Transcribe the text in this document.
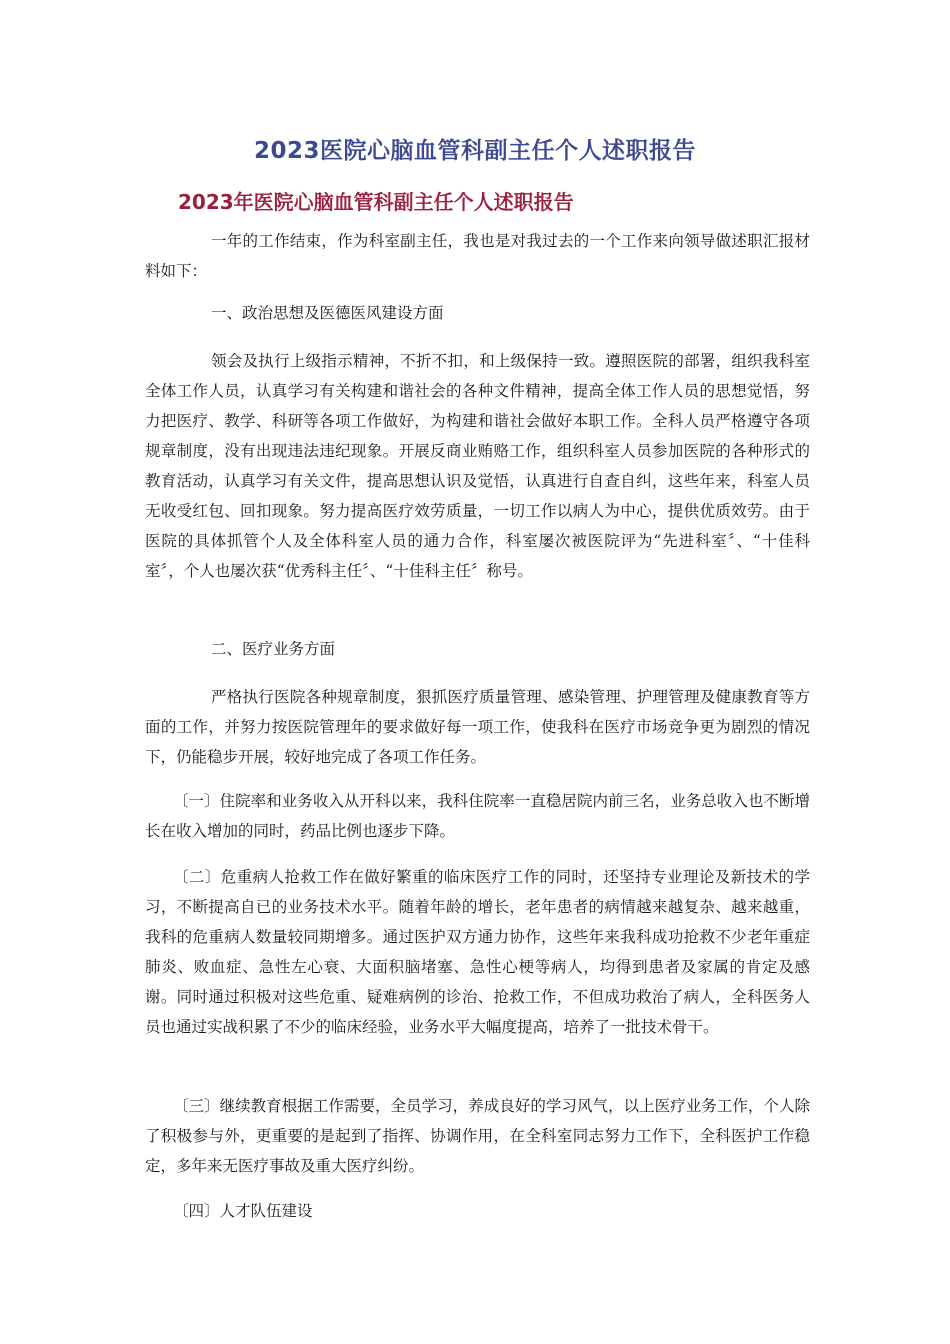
2023医院心脑血管科副主任个人述职报告
2023年医院心脑血管科副主任个人述职报告
一年的工作结束，作为科室副主任，我也是对我过去的一个工作来向领导做述职汇报材料如下：
一、政治思想及医德医风建设方面
领会及执行上级指示精神，不折不扣，和上级保持一致。遵照医院的部署，组织我科室全体工作人员，认真学习有关构建和谐社会的各种文件精神，提高全体工作人员的思想觉悟，努力把医疗、教学、科研等各项工作做好，为构建和谐社会做好本职工作。全科人员严格遵守各项规章制度，没有出现违法违纪现象。开展反商业贿赂工作，组织科室人员参加医院的各种形式的教育活动，认真学习有关文件，提高思想认识及觉悟，认真进行自查自纠，这些年来，科室人员无收受红包、回扣现象。努力提高医疗效劳质量，一切工作以病人为中心，提供优质效劳。由于医院的具体抓管个人及全体科室人员的通力合作，科室屡次被医院评为“先进科室〞、“十佳科室〞，个人也屡次获“优秀科主任〞、“十佳科主任〞称号。
二、医疗业务方面
严格执行医院各种规章制度，狠抓医疗质量管理、感染管理、护理管理及健康教育等方面的工作，并努力按医院管理年的要求做好每一项工作，使我科在医疗市场竞争更为剧烈的情况下，仍能稳步开展，较好地完成了各项工作任务。
〔一〕住院率和业务收入从开科以来，我科住院率一直稳居院内前三名，业务总收入也不断增长在收入增加的同时，药品比例也逐步下降。
〔二〕危重病人抢救工作在做好繁重的临床医疗工作的同时，还坚持专业理论及新技术的学习，不断提高自已的业务技术水平。随着年龄的增长，老年患者的病情越来越复杂、越来越重，我科的危重病人数量较同期增多。通过医护双方通力协作，这些年来我科成功抢救不少老年重症肺炎、败血症、急性左心衰、大面积脑堵塞、急性心梗等病人，均得到患者及家属的肯定及感谢。同时通过积极对这些危重、疑难病例的诊治、抢救工作，不但成功救治了病人，全科医务人员也通过实战积累了不少的临床经验，业务水平大幅度提高，培养了一批技术骨干。
〔三〕继续教育根据工作需要，全员学习，养成良好的学习风气，以上医疗业务工作，个人除了积极参与外，更重要的是起到了指挥、协调作用，在全科室同志努力工作下，全科医护工作稳定，多年来无医疗事故及重大医疗纠纷。
〔四〕人才队伍建设
